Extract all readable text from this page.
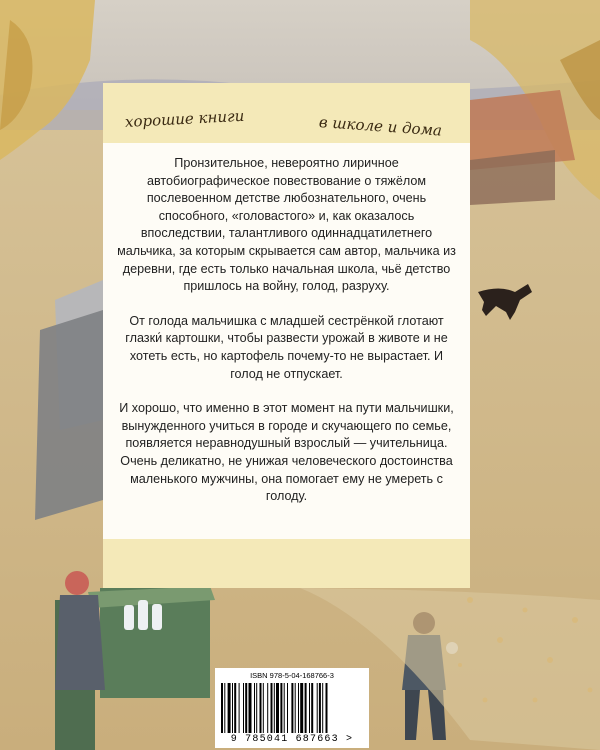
хорошие книги	в школе и дома

Пронзительное, невероятно лиричное автобиографическое повествование о тяжёлом послевоенном детстве любознательного, очень способного, «головастого» и, как оказалось впоследствии, талантливого одиннадцатилетнего мальчика, за которым скрывается сам автор, мальчика из деревни, где есть только начальная школа, чьё детство пришлось на войну, голод, разруху.

От голода мальчишка с младшей сестрёнкой глотают глазки́ картошки, чтобы развести урожай в животе и не хотеть есть, но картофель почему-то не вырастает. И голод не отпускает.

И хорошо, что именно в этот момент на пути мальчишки, вынужденного учиться в городе и скучающего по семье, появляется неравнодушный взрослый — учительница. Очень деликатно, не унижая человеческого достоинства маленького мужчины, она помогает ему не умереть с голоду.

ISBN 978-5-04-168766-3
9 785041 687663 >
